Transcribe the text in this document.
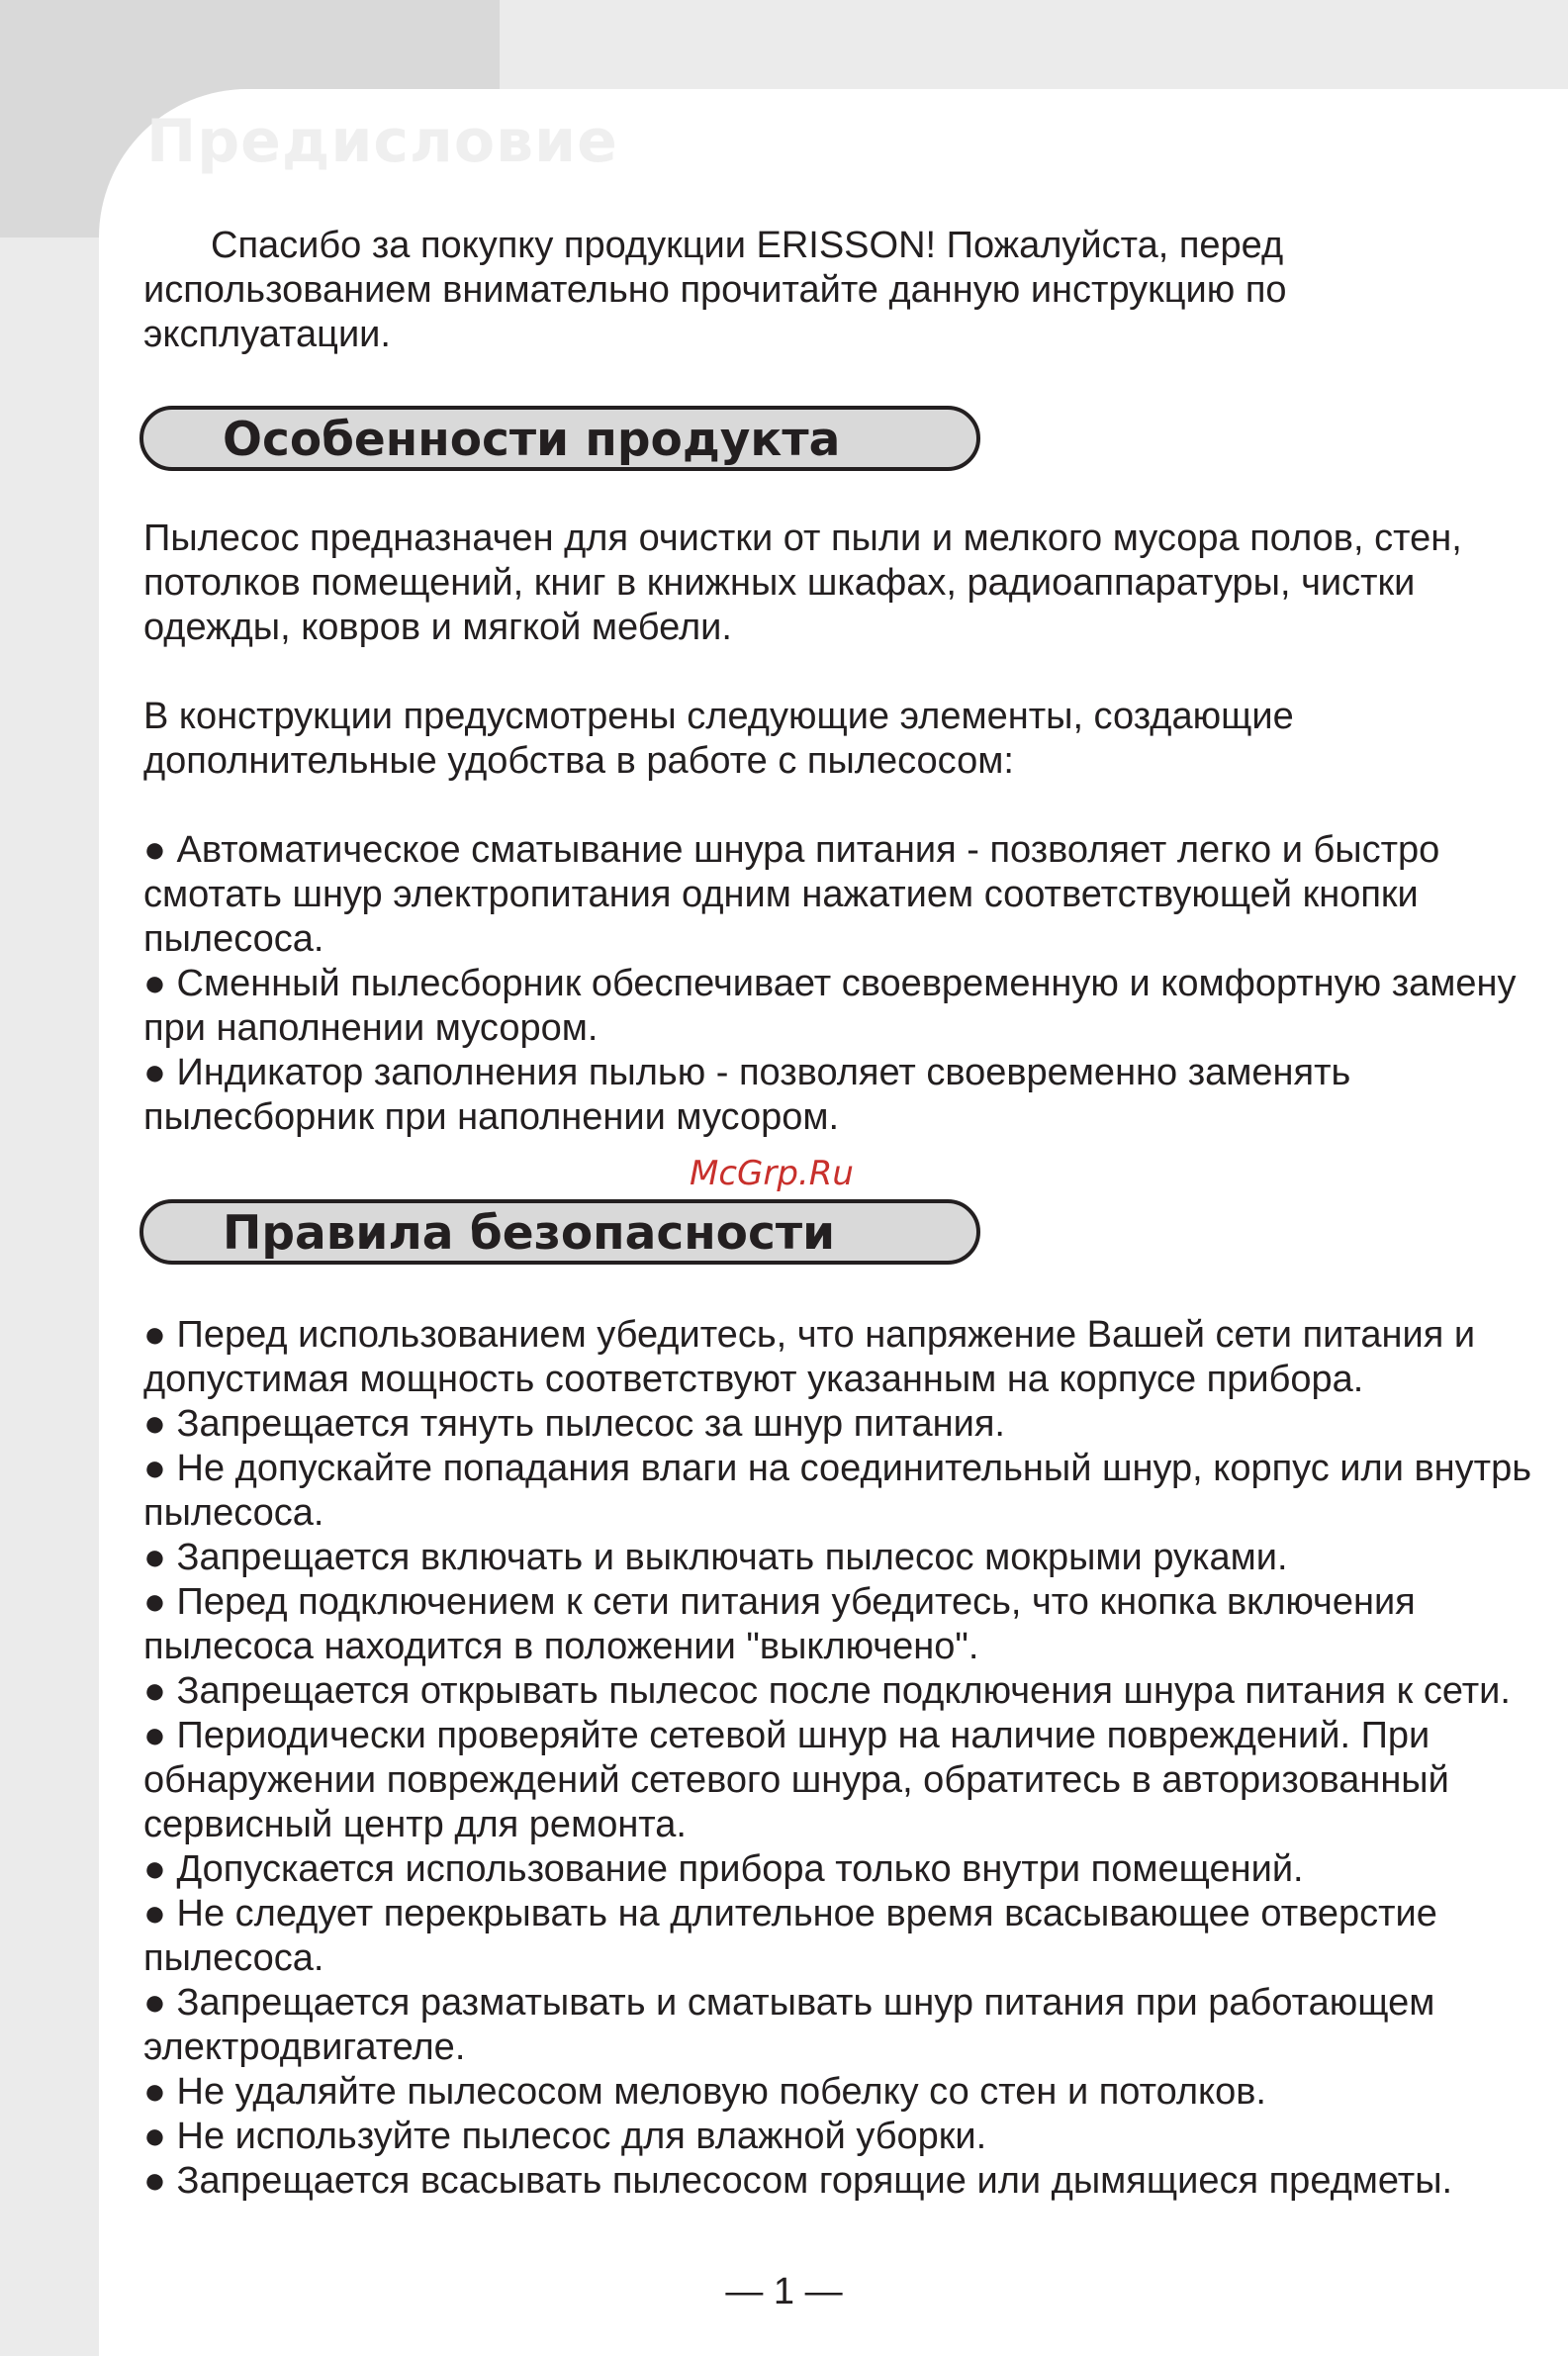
Предисловие

Спасибо за покупку продукции ERISSON! Пожалуйста, перед использованием внимательно прочитайте данную инструкцию по эксплуатации.

Особенности продукта

Пылесос предназначен для очистки от пыли и мелкого мусора полов, стен, потолков помещений, книг в книжных шкафах, радиоаппаратуры, чистки одежды, ковров и мягкой мебели.

В конструкции предусмотрены следующие элементы, создающие дополнительные удобства в работе с пылесосом:

● Автоматическое сматывание шнура питания - позволяет легко и быстро смотать шнур электропитания одним нажатием соответствующей кнопки пылесоса.

● Сменный пылесборник обеспечивает своевременную и комфортную замену при наполнении мусором.

● Индикатор заполнения пылью - позволяет своевременно заменять пылесборник при наполнении мусором.

McGrp.Ru

Правила безопасности

● Перед использованием убедитесь, что напряжение Вашей сети питания и допустимая мощность соответствуют указанным на корпусе прибора.

● Запрещается тянуть пылесос за шнур питания.

● Не допускайте попадания влаги на соединительный шнур, корпус или внутрь пылесоса.

● Запрещается включать и выключать пылесос мокрыми руками.

● Перед подключением к сети питания убедитесь, что кнопка включения пылесоса находится в положении "выключено".

● Запрещается открывать пылесос после подключения шнура питания к сети.

● Периодически проверяйте сетевой шнур на наличие повреждений. При обнаружении повреждений сетевого шнура, обратитесь в авторизованный сервисный центр для ремонта.

● Допускается использование прибора только внутри помещений.

● Не следует перекрывать на длительное время всасывающее отверстие пылесоса.

● Запрещается разматывать и сматывать шнур питания при работающем электродвигателе.

● Не удаляйте пылесосом меловую побелку со стен и потолков.

● Не используйте пылесос для влажной уборки.

● Запрещается всасывать пылесосом горящие или дымящиеся предметы.

— 1 —
